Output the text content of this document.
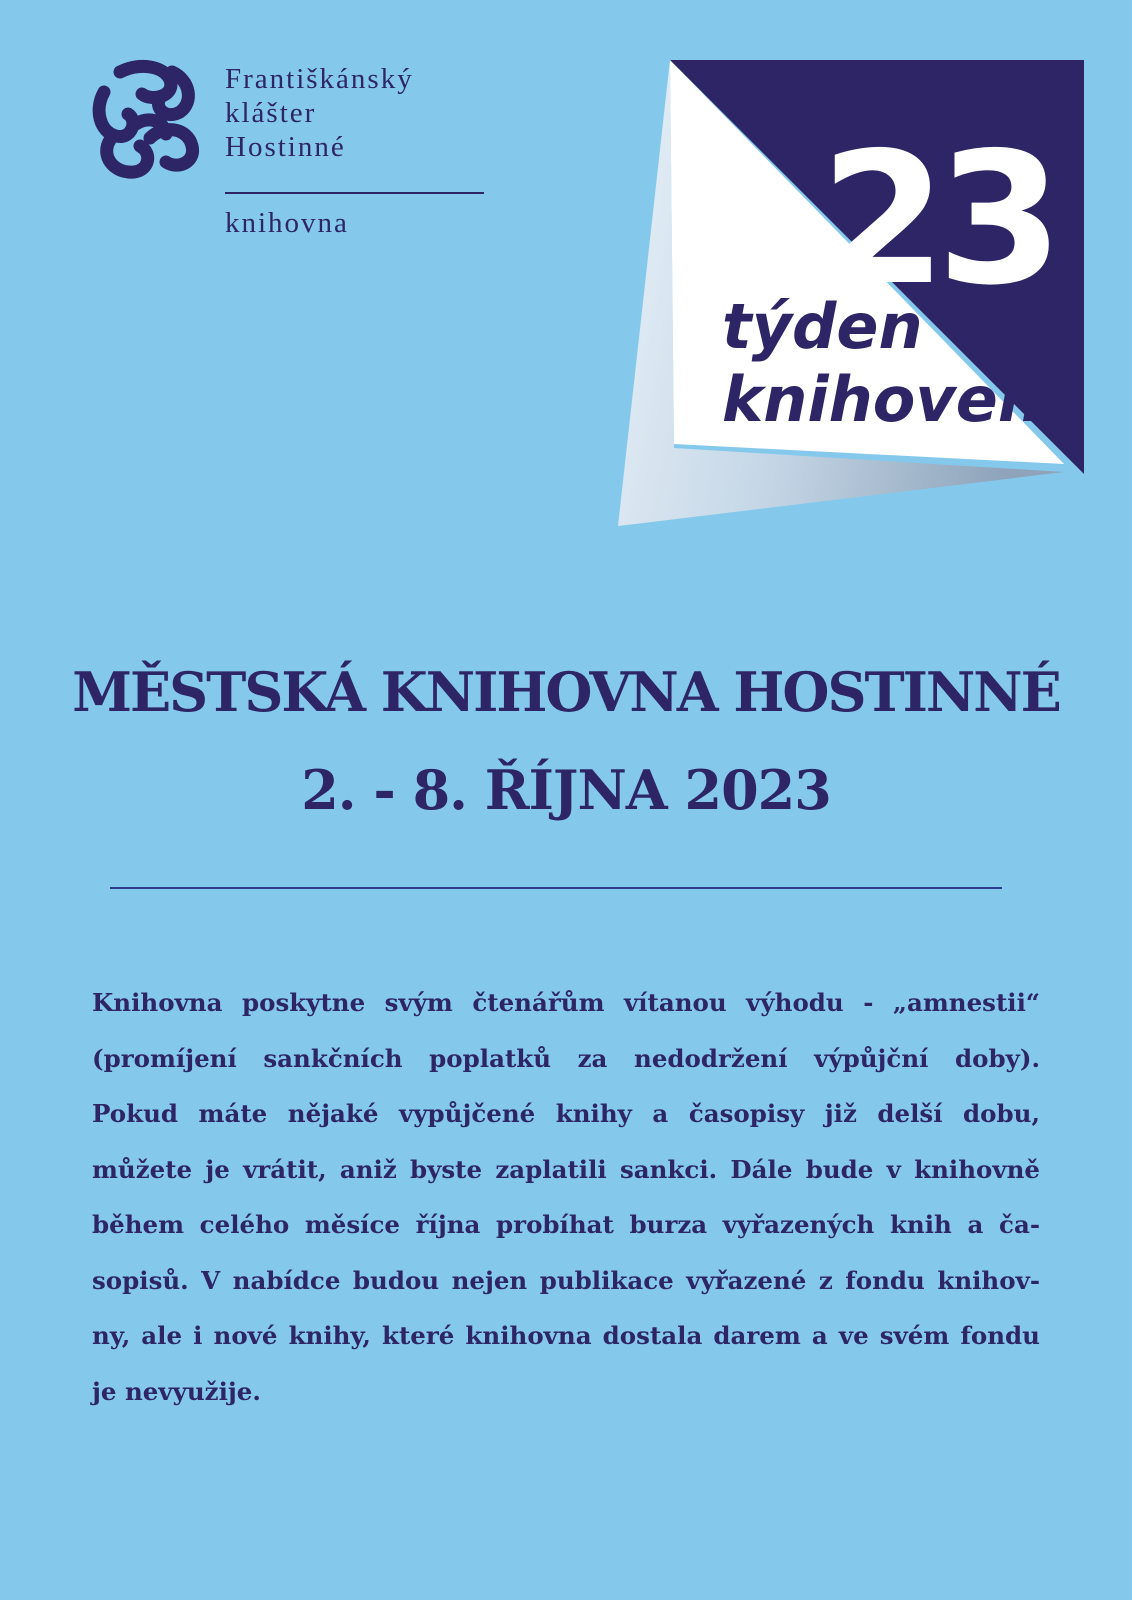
Františkánský
klášter
Hostinné
knihovna	23
týden
knihoven
MĚSTSKÁ KNIHOVNA HOSTINNÉ
2. - 8. ŘÍJNA 2023
Knihovna poskytne svým čtenářům vítanou výhodu - „amnestii“
(promíjení sankčních poplatků za nedodržení výpůjční doby).
Pokud máte nějaké vypůjčené knihy a časopisy již delší dobu,
můžete je vrátit, aniž byste zaplatili sankci. Dále bude v knihovně
během celého měsíce října probíhat burza vyřazených knih a ča-
sopisů. V nabídce budou nejen publikace vyřazené z fondu knihov-
ny, ale i nové knihy, které knihovna dostala darem a ve svém fondu
je nevyužije.
